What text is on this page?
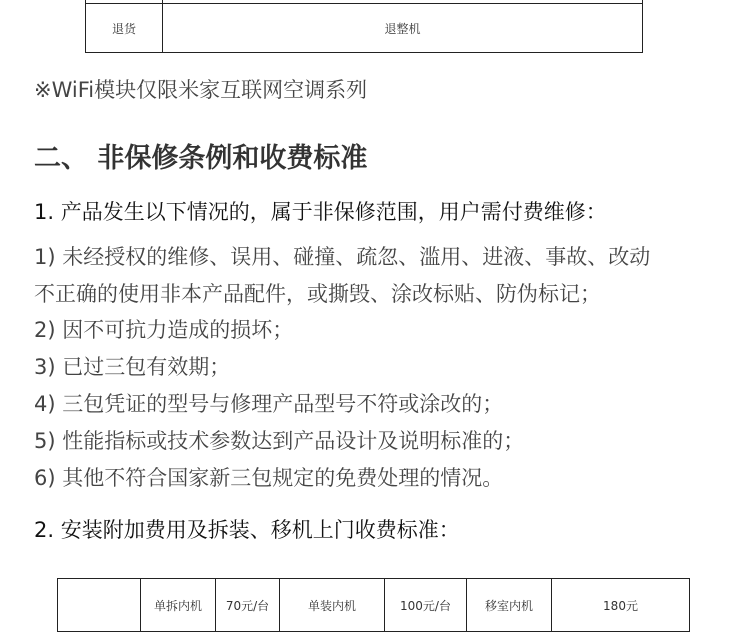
退货	退整机
※WiFi模块仅限米家互联网空调系列
二、 非保修条例和收费标准
1. 产品发生以下情况的，属于非保修范围，用户需付费维修：
1) 未经授权的维修、误用、碰撞、疏忽、滥用、进液、事故、改动
不正确的使用非本产品配件，或撕毁、涂改标贴、防伪标记；
2) 因不可抗力造成的损坏；
3) 已过三包有效期；
4) 三包凭证的型号与修理产品型号不符或涂改的；
5) 性能指标或技术参数达到产品设计及说明标准的；
6) 其他不符合国家新三包规定的免费处理的情况。
2. 安装附加费用及拆装、移机上门收费标准：
	单拆内机	70元/台	单装内机	100元/台	移室内机	180元
